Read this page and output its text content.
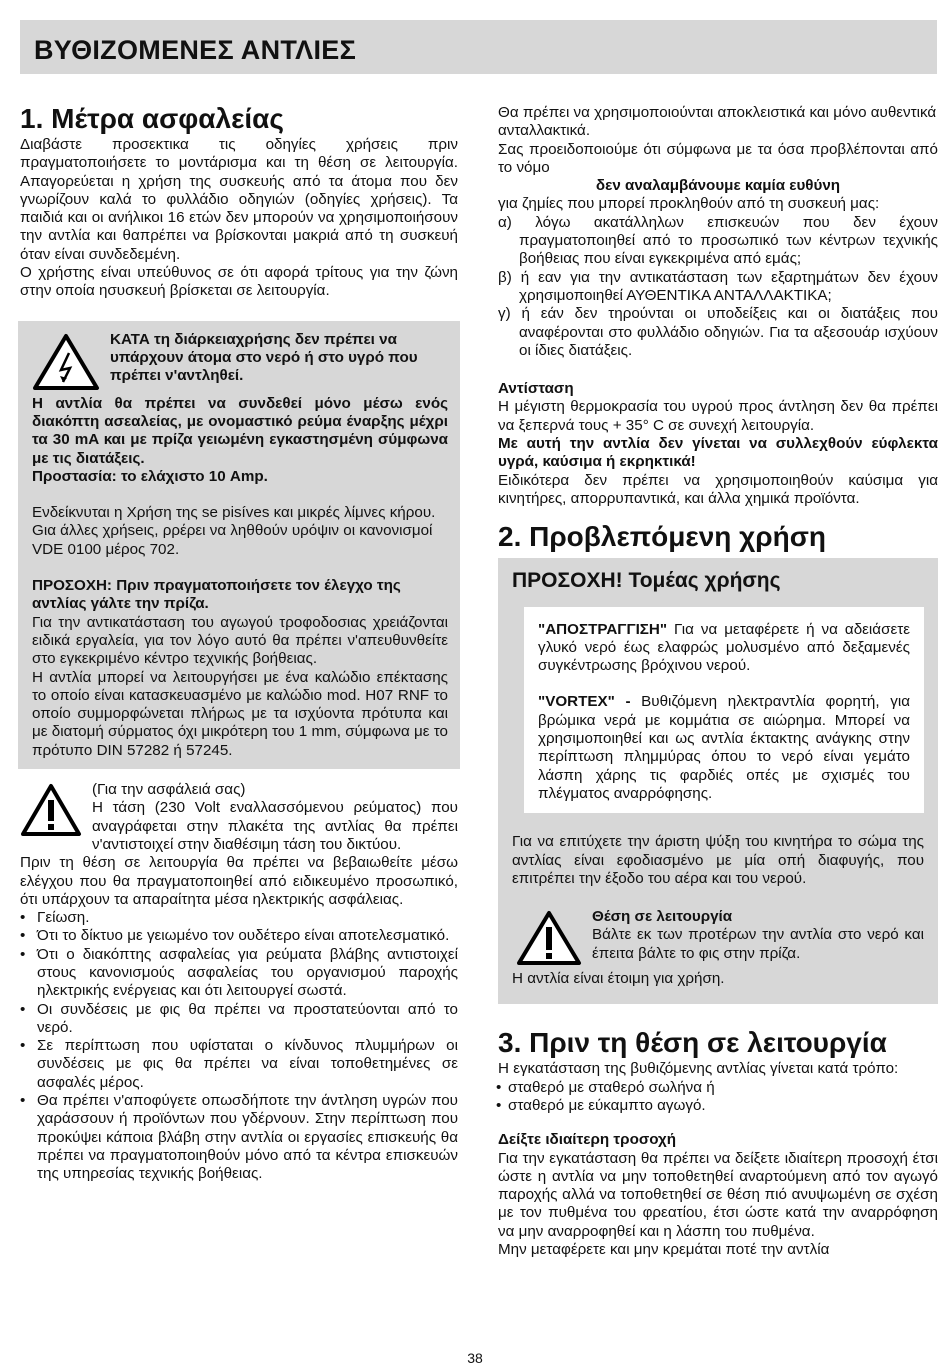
ΒΥΘΙΖΟΜΕΝΕΣ ΑΝΤΛΙΕΣ
1. Μέτρα ασφαλείας

Διαβάστε προσεκτικα τις οδηγίες χρήσεις πριν πραγματοποιήσετε το μοντάρισμα και τη θέση σε λειτουργία. Απαγορεύεται η χρήση της συσκευής από τα άτομα που δεν γνωρίζουν καλά το φυλλάδιο οδηγιών (οδηγίες χρήσεις). Τα παιδιά και οι ανήλικοι 16 ετών δεν μπορούν να χρησιμοποιήσουν την αντλία και θαπρέπει να βρίσκονται μακριά από τη συσκευή όταν είναι συνδεδεμένη.

Ο χρήστης είναι υπεύθυνος σε ότι αφορά τρίτους για την ζώνη στην οποία ησυσκευή βρίσκεται σε λειτουργία.

ΚΑΤΑ τη διάρκειαχρήσης δεν πρέπει να υπάρχουν άτομα στο νερό ή στο υγρό που πρέπει ν'αντληθεί.

Η αντλία θα πρέπει να συνδεθεί μόνο μέσω ενός διακόπτη ασεαλείας, με ονομαστικό ρεύμα έναρξης μέχρι τα 30 mA και με πρίζα γειωμένη εγκαστησμένη σύμφωνα με τις διατάξεις.

Προστασία: το ελάχιστο 10 Amp.

Ενδείκνυται η Χρήση της se pisíves και μικρές λίμνες κήρου. Gια άλλες χρήseις, ρρέρει να ληθθούν υρόψιν οι κανονισμοί VDE 0100 μέρος 702.

ΠΡΟΣΟΧΗ: Πριν πραγματοποιήσετε τον έλεγχο της αντλίας γάλτε την πρίζα.

Για την αντικατάσταση του αγωγού τροφοδοσιας χρειάζονται ειδικά εργαλεία, για τον λόγο αυτό θα πρέπει ν'απευθυνθείτε στο εγκεκριμένο κέντρο τεχνικής βοήθειας.

Η αντλία μπορεί να λειτουργήσει με ένα καλώδιο επέκτασης το οποίο είναι κατασκευασμένο με καλώδιο mod. H07 RNF το οποίο συμμορφώνεται πλήρως με τα ισχύοντα πρότυπα και με διατομή σύρματος όχι μικρότερη του 1 mm, σύμφωνα με το πρότυπο DIN 57282 ή 57245.

(Για την ασφάλειά σας)

Η τάση (230 Volt εναλλασσόμενου ρεύματος) που αναγράφεται στην πλακέτα της αντλίας θα πρέπει ν'αντιστοιχεί στην διαθέσιμη τάση του δικτύου.

Πριν τη θέση σε λειτουργία θα πρέπει να βεβαιωθείτε μέσω ελέγχου που θα πραγματοποιηθεί από ειδικευμένο προσωπικό, ότι υπάρχουν τα απαραίτητα μέσα ηλεκτρικής ασφάλειας.

• Γείωση.
• Ότι το δίκτυο με γειωμένο τον ουδέτερο είναι αποτελεσματικό.
• Ότι ο διακόπτης ασφαλείας για ρεύματα βλάβης αντιστοιχεί στους κανονισμούς ασφαλείας του οργανισμού παροχής ηλεκτρικής ενέργειας και ότι λειτουργεί σωστά.
• Οι συνδέσεις με φις θα πρέπει να προστατεύονται από το νερό.
• Σε περίπτωση που υφίσταται ο κίνδυνος πλυμμήρων οι συνδέσεις με φις θα πρέπει να είναι τοποθετημένες σε ασφαλές μέρος.
• Θα πρέπει ν'αποφύγετε οπωσδήποτε την άντληση υγρών που χαράσσουν ή προϊόντων που γδέρνουν. Στην περίπτωση που προκύψει κάποια βλάβη στην αντλία οι εργασίες επισκευής θα πρέπει να πραγματοποιηθούν μόνο από τα κέντρα επισκευών της υπηρεσίας τεχνικής βοήθειας.

Θα πρέπει να χρησιμοποιούνται αποκλειστικά και μόνο αυθεντικά ανταλλακτικά.

Σας προειδοποιούμε ότι σύμφωνα με τα όσα προβλέπονται από το νόμο

δεν αναλαμβάνουμε καμία ευθύνη

για ζημίες που μπορεί προκληθούν από τη συσκευή μας:

α) λόγω ακατάλληλων επισκευών που δεν έχουν πραγματοποιηθεί από το προσωπικό των κέντρων τεχνικής βοήθειας που είναι εγκεκριμένα από εμάς;

β) ή εαν για την αντικατάσταση των εξαρτημάτων δεν έχουν χρησιμοποιηθεί ΑΥΘΕΝΤΙΚΑ ΑΝΤΑΛΛΑΚΤΙΚΑ;

γ) ή εάν δεν τηρούνται οι υποδείξεις και οι διατάξεις που αναφέρονται στο φυλλάδιο οδηγιών. Για τα αξεσουάρ ισχύουν οι ίδιες διατάξεις.

Αντίσταση

Η μέγιστη θερμοκρασία του υγρού προς άντληση δεν θα πρέπει να ξεπερνά τους + 35° C σε συνεχή λειτουργία.

Με αυτή την αντλία δεν γίνεται να συλλεχθούν εύφλεκτα υγρά, καύσιμα ή εκρηκτικά!

Ειδικότερα δεν πρέπει να χρησιμοποιηθούν καύσιμα για κινητήρες, απορρυπαντικά, και άλλα χημικά προϊόντα.

2. Προβλεπόμενη χρήση
ΠΡΟΣΟΧΗ! Τομέας χρήσης

"ΑΠΟΣΤΡΑΓΓΙΣΗ" Για να μεταφέρετε ή να αδειάσετε γλυκό νερό έως ελαφρώς μολυσμένο από δεξαμενές συγκέντρωσης βρόχινου νερού.

"VORTEX" - Βυθιζόμενη ηλεκτραντλία φορητή, για βρώμικα νερά με κομμάτια σε αιώρημα. Μπορεί να χρησιμοποιηθεί και ως αντλία έκτακτης ανάγκης στην περίπτωση πλημμύρας όπου το νερό είναι γεμάτο λάσπη χάρης τις φαρδιές οπές με σχισμές του πλέγματος αναρρόφησης.

Για να επιτύχετε την άριστη ψύξη του κινητήρα το σώμα της αντλίας είναι εφοδιασμένο με μία οπή διαφυγής, που επιτρέπει την έξοδο του αέρα και του νερού.

Θέση σε λειτουργία

Βάλτε εκ των προτέρων την αντλία στο νερό και έπειτα βάλτε το φις στην πρίζα.

Η αντλία είναι έτοιμη για χρήση.

3. Πριν τη θέση σε λειτουργία

Η εγκατάσταση της βυθιζόμενης αντλίας γίνεται κατά τρόπο:

• σταθερό με σταθερό σωλήνα ή
• σταθερό με εύκαμπτο αγωγό.

Δείξτε ιδιαίτερη τροσοχή

Για την εγκατάσταση θα πρέπει να δείξετε ιδιαίτερη προσοχή έτσι ώστε η αντλία να μην τοποθετηθεί αναρτούμενη από τον αγωγό παροχής αλλά να τοποθετηθεί σε θέση πιό ανυψωμένη σε σχέση με τον πυθμένα του φρεατίου, έτσι ώστε κατά την αναρρόφηση να μην αναρροφηθεί και η λάσπη του πυθμένα.

Μην μεταφέρετε και μην κρεμάται ποτέ την αντλία

38
